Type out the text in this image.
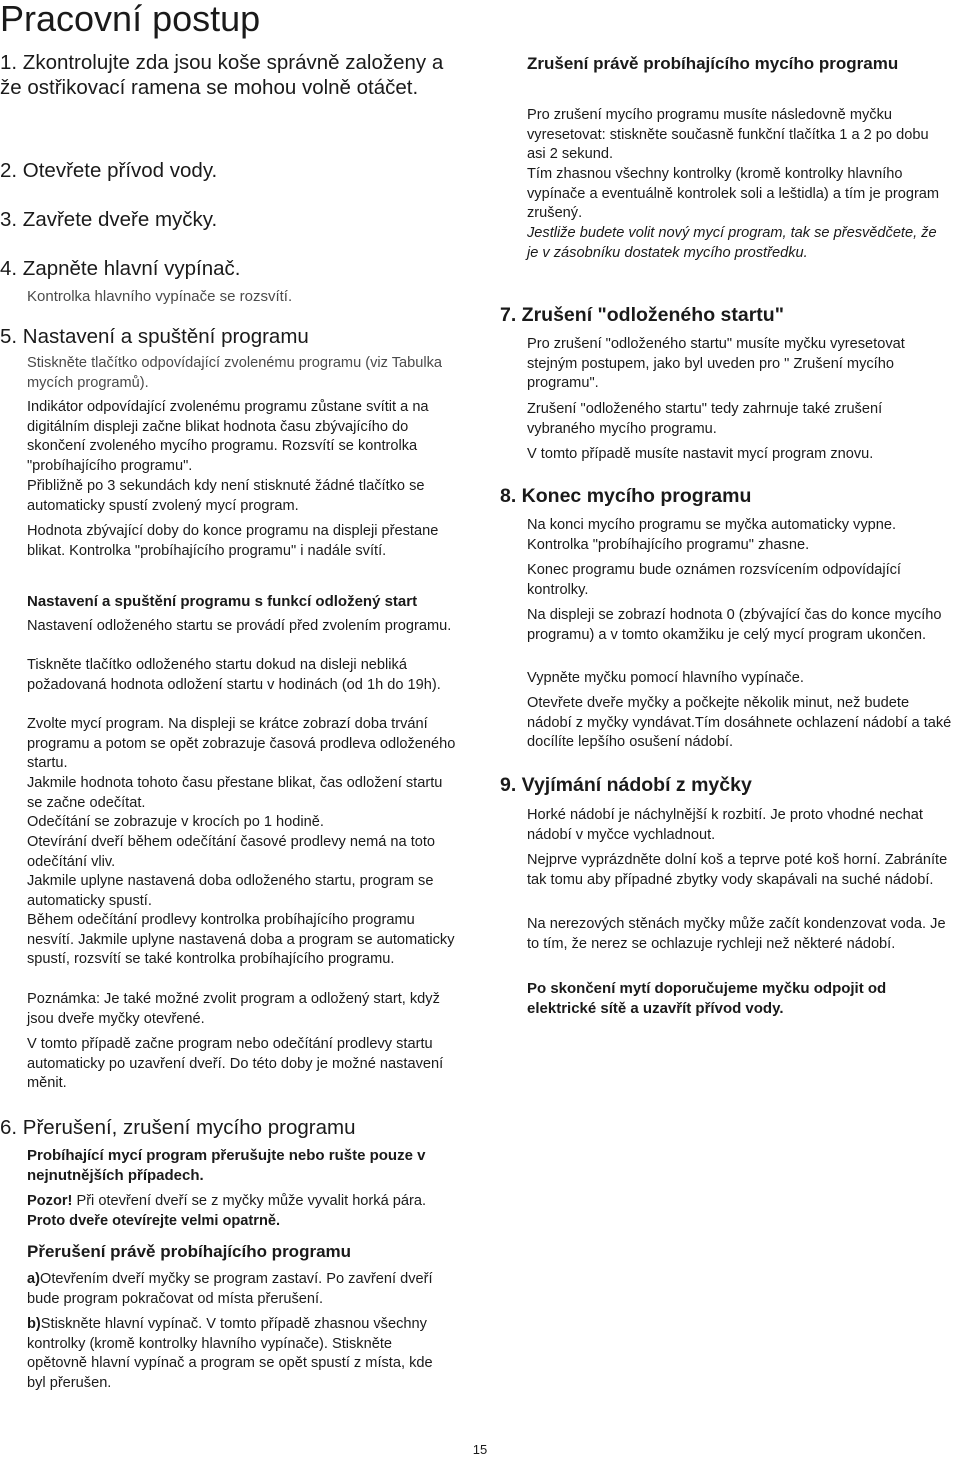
Pracovní postup
1. Zkontrolujte zda jsou koše správně založeny a že ostřikovací ramena se mohou volně otáčet.
2. Otevřete přívod vody.
3. Zavřete dveře myčky.
4. Zapněte hlavní vypínač.
Kontrolka hlavního vypínače se rozsvítí.
5. Nastavení a spuštění programu
Stiskněte tlačítko odpovídající zvolenému programu (viz Tabulka mycích programů).
Indikátor odpovídající zvolenému programu zůstane svítit a na digitálním displeji začne blikat hodnota času zbývajícího do skončení zvoleného mycího programu. Rozsvítí se kontrolka "probíhajícího programu".
Přibližně po 3 sekundách kdy není stisknuté žádné tlačítko se automaticky spustí zvolený mycí program.
Hodnota zbývající doby do konce programu na displeji přestane blikat. Kontrolka "probíhajícího programu" i nadále svítí.
Nastavení a spuštění programu s funkcí odložený start
Nastavení odloženého startu se provádí před zvolením programu.
Tiskněte tlačítko odloženého startu dokud na disleji nebliká požadovaná hodnota odložení startu v hodinách (od 1h do 19h).
Zvolte mycí program. Na displeji se krátce zobrazí doba trvání programu a potom se opět zobrazuje časová prodleva odloženého startu.
Jakmile hodnota tohoto času přestane blikat, čas odložení startu se začne odečítat.
Odečítání se zobrazuje v krocích po 1 hodině.
Otevírání dveří během odečítání časové prodlevy nemá na toto odečítání vliv.
Jakmile uplyne nastavená doba odloženého startu, program se automaticky spustí.
Během odečítání prodlevy kontrolka probíhajícího programu nesvítí. Jakmile uplyne nastavená doba a program se automaticky spustí, rozsvítí se také kontrolka probíhajícího programu.
Poznámka: Je také možné zvolit program a odložený start, když jsou dveře myčky otevřené.
V tomto případě začne program nebo odečítání prodlevy startu automaticky po uzavření dveří. Do této doby je možné nastavení měnit.
6. Přerušení, zrušení mycího programu
Probíhající mycí program přerušujte nebo rušte pouze v nejnutnějších případech.
Pozor! Při otevření dveří se z myčky může vyvalit horká pára. Proto dveře otevírejte velmi opatrně.
Přerušení právě probíhajícího programu
a)Otevřením dveří myčky se program zastaví. Po zavření dveří bude program pokračovat od místa přerušení.
b)Stiskněte hlavní vypínač. V tomto případě zhasnou všechny kontrolky (kromě kontrolky hlavního vypínače). Stiskněte opětovně hlavní vypínač a program se opět spustí z místa, kde byl přerušen.
Zrušení právě probíhajícího mycího programu
Pro zrušení mycího programu musíte následovně myčku vyresetovat: stiskněte současně funkční tlačítka 1 a 2 po dobu asi 2 sekund.
Tím zhasnou všechny kontrolky (kromě kontrolky hlavního vypínače a eventuálně kontrolek soli a leštidla) a tím je program zrušený.
Jestliže budete volit nový mycí program, tak se přesvědčete, že je v zásobníku dostatek mycího prostředku.
7. Zrušení "odloženého startu"
Pro zrušení "odloženého startu" musíte myčku vyresetovat stejným postupem, jako byl uveden pro " Zrušení mycího programu".
Zrušení "odloženého startu" tedy zahrnuje také zrušení vybraného mycího programu.
V tomto případě musíte nastavit mycí program znovu.
8. Konec mycího programu
Na konci mycího programu se myčka automaticky vypne. Kontrolka "probíhajícího programu" zhasne.
Konec programu bude oznámen rozsvícením odpovídající kontrolky.
Na displeji se zobrazí hodnota 0 (zbývající čas do konce mycího programu) a v tomto okamžiku je celý mycí program ukončen.
Vypněte myčku pomocí hlavního vypínače.
Otevřete dveře myčky a počkejte několik minut, než budete nádobí z myčky vyndávat.Tím dosáhnete ochlazení nádobí a také docílíte lepšího osušení nádobí.
9. Vyjímání nádobí z myčky
Horké nádobí je náchylnější k rozbití. Je proto vhodné nechat nádobí v myčce vychladnout.
Nejprve vyprázdněte dolní koš a teprve poté koš horní. Zabráníte tak tomu aby případné zbytky vody skapávali na suché nádobí.
Na nerezových stěnách myčky může začít kondenzovat voda. Je to tím, že nerez se ochlazuje rychleji než některé nádobí.
Po skončení mytí doporučujeme myčku odpojit od elektrické sítě a uzavřít přívod vody.
15
